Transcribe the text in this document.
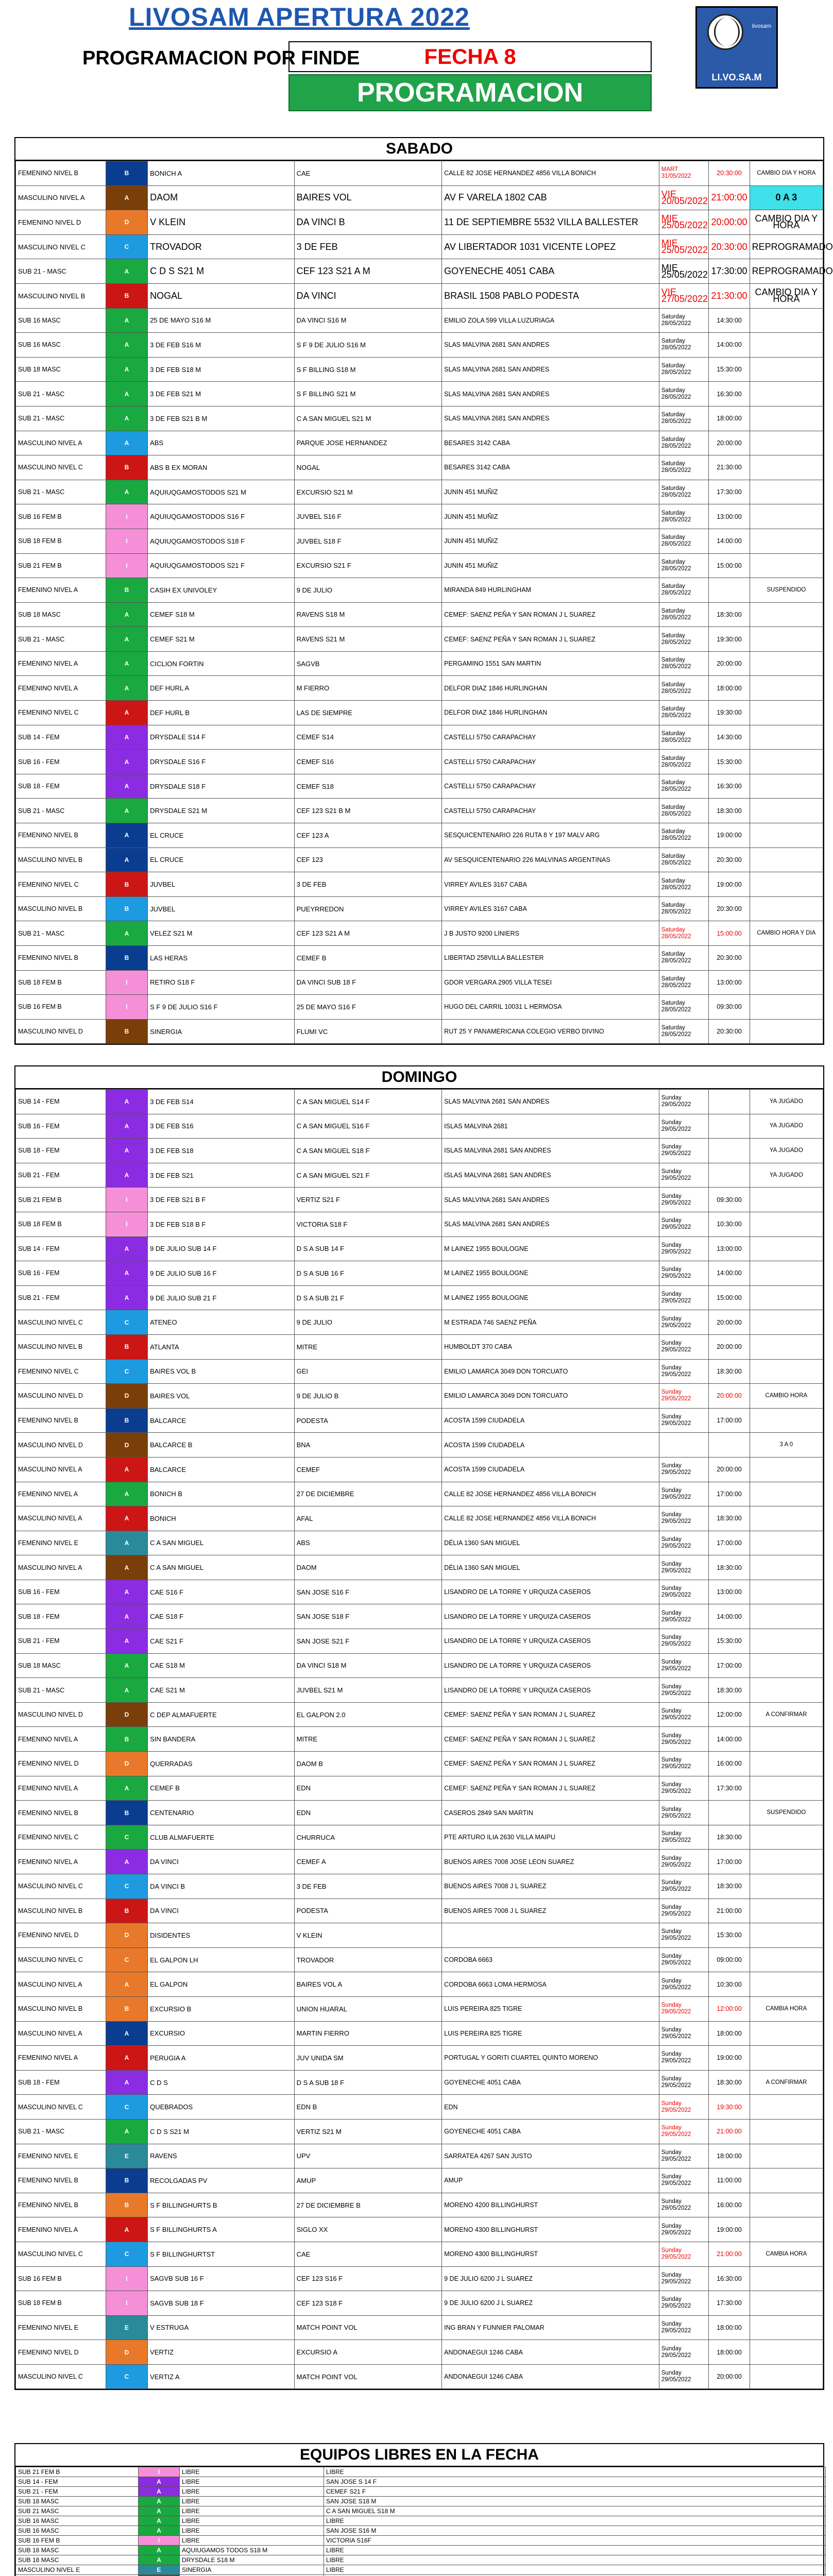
LIVOSAM APERTURA 2022
PROGRAMACION POR FINDE	FECHA 8
PROGRAMACION
livosam
LI.VO.SA.M
SABADO
FEMENINO NIVEL B	B	BONICH A	CAE	CALLE 82 JOSE HERNANDEZ 4856 VILLA BONICH	MART 31/05/2022	20:30:00	CAMBIO DIA Y HORA
MASCULINO NIVEL A	A	DAOM	BAIRES VOL	AV F VARELA 1802 CAB	VIE 20/05/2022	21:00:00	0 A 3
FEMENINO NIVEL D	D	V KLEIN	DA VINCI B	11 DE SEPTIEMBRE 5532 VILLA BALLESTER	MIE 25/05/2022	20:00:00	CAMBIO DIA Y HORA
MASCULINO NIVEL C	C	TROVADOR	3 DE FEB	AV LIBERTADOR 1031 VICENTE LOPEZ	MIE 25/05/2022	20:30:00	REPROGRAMADO
SUB 21 - MASC	A	C D S S21 M	CEF 123 S21 A M	GOYENECHE 4051 CABA	MIE 25/05/2022	17:30:00	REPROGRAMADO
MASCULINO NIVEL B	B	NOGAL	DA VINCI	BRASIL 1508 PABLO PODESTA	VIE 27/05/2022	21:30:00	CAMBIO DIA Y HORA
SUB 16 MASC	A	25 DE MAYO S16 M	DA VINCI S16 M	EMILIO ZOLA 599 VILLA LUZURIAGA	Saturday 28/05/2022	14:30:00	
SUB 16 MASC	A	3 DE FEB S16 M	S F 9 DE JULIO S16 M	SLAS MALVINA 2681 SAN ANDRES	Saturday 28/05/2022	14:00:00	
SUB 18 MASC	A	3 DE FEB S18 M	S F BILLING S18 M	SLAS MALVINA 2681 SAN ANDRES	Saturday 28/05/2022	15:30:00	
SUB 21 - MASC	A	3 DE FEB S21 M	S F BILLING S21 M	SLAS MALVINA 2681 SAN ANDRES	Saturday 28/05/2022	16:30:00	
SUB 21 - MASC	A	3 DE FEB S21 B M	C A SAN MIGUEL S21 M	SLAS MALVINA 2681 SAN ANDRES	Saturday 28/05/2022	18:00:00	
MASCULINO NIVEL A	A	ABS	PARQUE JOSE HERNANDEZ	BESARES 3142 CABA	Saturday 28/05/2022	20:00:00	
MASCULINO NIVEL C	B	ABS B EX MORAN	NOGAL	BESARES 3142 CABA	Saturday 28/05/2022	21:30:00	
SUB 21 - MASC	A	AQUIUQGAMOSTODOS S21 M	EXCURSIO S21 M	JUNIN 451 MUÑIZ	Saturday 28/05/2022	17:30:00	
SUB 16 FEM B	I	AQUIUQGAMOSTODOS S16 F	JUVBEL S16 F	JUNIN 451 MUÑIZ	Saturday 28/05/2022	13:00:00	
SUB 18 FEM B	I	AQUIUQGAMOSTODOS S18 F	JUVBEL S18 F	JUNIN 451 MUÑIZ	Saturday 28/05/2022	14:00:00	
SUB 21 FEM B	I	AQUIUQGAMOSTODOS S21 F	EXCURSIO S21 F	JUNIN 451 MUÑIZ	Saturday 28/05/2022	15:00:00	
FEMENINO NIVEL A	B	CASIH EX UNIVOLEY	9 DE JULIO	MIRANDA 849 HURLINGHAM	Saturday 28/05/2022		SUSPENDIDO
SUB 18 MASC	A	CEMEF S18 M	RAVENS S18 M	CEMEF: SAENZ PEÑA Y SAN ROMAN J L SUAREZ	Saturday 28/05/2022	18:30:00	
SUB 21 - MASC	A	CEMEF S21 M	RAVENS S21 M	CEMEF: SAENZ PEÑA Y SAN ROMAN J L SUAREZ	Saturday 28/05/2022	19:30:00	
FEMENINO NIVEL A	A	CICLION FORTIN	SAGVB	PERGAMINO 1551 SAN MARTIN	Saturday 28/05/2022	20:00:00	
FEMENINO NIVEL A	A	DEF HURL A	M FIERRO	DELFOR DIAZ 1846 HURLINGHAN	Saturday 28/05/2022	18:00:00	
FEMENINO NIVEL C	A	DEF HURL B	LAS DE SIEMPRE	DELFOR DIAZ 1846 HURLINGHAN	Saturday 28/05/2022	19:30:00	
SUB 14 - FEM	A	DRYSDALE S14 F	CEMEF S14	CASTELLI 5750 CARAPACHAY	Saturday 28/05/2022	14:30:00	
SUB 16 - FEM	A	DRYSDALE S16 F	CEMEF S16	CASTELLI 5750 CARAPACHAY	Saturday 28/05/2022	15:30:00	
SUB 18 - FEM	A	DRYSDALE S18 F	CEMEF S18	CASTELLI 5750 CARAPACHAY	Saturday 28/05/2022	16:30:00	
SUB 21 - MASC	A	DRYSDALE S21 M	CEF 123 S21 B M	CASTELLI 5750 CARAPACHAY	Saturday 28/05/2022	18:30:00	
FEMENINO NIVEL B	A	EL CRUCE	CEF 123 A	SESQUICENTENARIO 226 RUTA 8 Y 197 MALV ARG	Saturday 28/05/2022	19:00:00	
MASCULINO NIVEL B	A	EL CRUCE	CEF 123	AV SESQUICENTENARIO 226 MALVINAS ARGENTINAS	Saturday 28/05/2022	20:30:00	
FEMENINO NIVEL C	B	JUVBEL	3 DE FEB	VIRREY AVILES 3167 CABA	Saturday 28/05/2022	19:00:00	
MASCULINO NIVEL B	B	JUVBEL	PUEYRREDON	VIRREY AVILES 3167 CABA	Saturday 28/05/2022	20:30:00	
SUB 21 - MASC	A	VELEZ S21 M	CEF 123 S21 A M	J B JUSTO 9200 LINIERS	Saturday 28/05/2022	15:00:00	CAMBIO HORA Y DIA
FEMENINO NIVEL B	B	LAS HERAS	CEMEF B	LIBERTAD 258VILLA BALLESTER	Saturday 28/05/2022	20:30:00	
SUB 18 FEM B	I	RETIRO S18 F	DA VINCI SUB 18 F	GDOR VERGARA 2905 VILLA TESEI	Saturday 28/05/2022	13:00:00	
SUB 16 FEM B	I	S F 9 DE JULIO S16 F	25 DE MAYO S16 F	HUGO DEL CARRIL 10031 L HERMOSA	Saturday 28/05/2022	09:30:00	
MASCULINO NIVEL D	B	SINERGIA	FLUMI VC	RUT 25 Y PANAMERICANA COLEGIO VERBO DIVINO	Saturday 28/05/2022	20:30:00	
DOMINGO
SUB 14 - FEM	A	3 DE FEB S14	C A SAN MIGUEL S14 F	SLAS MALVINA 2681 SAN ANDRES	Sunday 29/05/2022		YA JUGADO
SUB 16 - FEM	A	3 DE FEB S16	C A SAN MIGUEL S16 F	ISLAS MALVINA 2681	Sunday 29/05/2022		YA JUGADO
SUB 18 - FEM	A	3 DE FEB S18	C A SAN MIGUEL S18 F	ISLAS MALVINA 2681 SAN ANDRES	Sunday 29/05/2022		YA JUGADO
SUB 21 - FEM	A	3 DE FEB S21	C A SAN MIGUEL S21 F	ISLAS MALVINA 2681 SAN ANDRES	Sunday 29/05/2022		YA JUGADO
SUB 21 FEM B	I	3 DE FEB S21 B F	VERTIZ S21 F	SLAS MALVINA 2681 SAN ANDRES	Sunday 29/05/2022	09:30:00	
SUB 18 FEM B	I	3 DE FEB S18 B F	VICTORIA S18 F	SLAS MALVINA 2681 SAN ANDRES	Sunday 29/05/2022	10:30:00	
SUB 14 - FEM	A	9 DE JULIO SUB 14 F	D S A SUB 14 F	M LAINEZ 1955 BOULOGNE	Sunday 29/05/2022	13:00:00	
SUB 16 - FEM	A	9 DE JULIO SUB 16 F	D S A SUB 16 F	M LAINEZ 1955 BOULOGNE	Sunday 29/05/2022	14:00:00	
SUB 21 - FEM	A	9 DE JULIO SUB 21 F	D S A SUB 21 F	M LAINEZ 1955 BOULOGNE	Sunday 29/05/2022	15:00:00	
MASCULINO NIVEL C	C	ATENEO	9 DE JULIO	M ESTRADA 746 SAENZ PEÑA	Sunday 29/05/2022	20:00:00	
MASCULINO NIVEL B	B	ATLANTA	MITRE	HUMBOLDT 370 CABA	Sunday 29/05/2022	20:00:00	
FEMENINO NIVEL C	C	BAIRES VOL B	GEI	EMILIO LAMARCA 3049 DON TORCUATO	Sunday 29/05/2022	18:30:00	
MASCULINO NIVEL D	D	BAIRES VOL	9 DE JULIO B	EMILIO LAMARCA 3049 DON TORCUATO	Sunday 29/05/2022	20:00:00	CAMBIO HORA
FEMENINO NIVEL B	B	BALCARCE	PODESTA	ACOSTA 1599 CIUDADELA	Sunday 29/05/2022	17:00:00	
MASCULINO NIVEL D	D	BALCARCE B	BNA	ACOSTA 1599 CIUDADELA			3 A 0
MASCULINO NIVEL A	A	BALCARCE	CEMEF	ACOSTA 1599 CIUDADELA	Sunday 29/05/2022	20:00:00	
FEMENINO NIVEL A	A	BONICH B	27 DE DICIEMBRE	CALLE 82 JOSE HERNANDEZ 4856 VILLA BONICH	Sunday 29/05/2022	17:00:00	
MASCULINO NIVEL A	A	BONICH	AFAL	CALLE 82 JOSE HERNANDEZ 4856 VILLA BONICH	Sunday 29/05/2022	18:30:00	
FEMENINO NIVEL E	A	C A SAN MIGUEL	ABS	DÉLIA 1360 SAN MIGUEL	Sunday 29/05/2022	17:00:00	
MASCULINO NIVEL A	A	C A SAN MIGUEL	DAOM	DÉLIA 1360 SAN MIGUEL	Sunday 29/05/2022	18:30:00	
SUB 16 - FEM	A	CAE S16 F	SAN JOSE S16 F	LISANDRO DE LA TORRE Y URQUIZA CASEROS	Sunday 29/05/2022	13:00:00	
SUB 18 - FEM	A	CAE S18 F	SAN JOSE S18 F	LISANDRO DE LA TORRE Y URQUIZA CASEROS	Sunday 29/05/2022	14:00:00	
SUB 21 - FEM	A	CAE S21 F	SAN JOSE S21 F	LISANDRO DE LA TORRE Y URQUIZA CASEROS	Sunday 29/05/2022	15:30:00	
SUB 18 MASC	A	CAE S18 M	DA VINCI S18 M	LISANDRO DE LA TORRE Y URQUIZA CASEROS	Sunday 29/05/2022	17:00:00	
SUB 21 - MASC	A	CAE S21 M	JUVBEL S21 M	LISANDRO DE LA TORRE Y URQUIZA CASEROS	Sunday 29/05/2022	18:30:00	
MASCULINO NIVEL D	D	C DEP ALMAFUERTE	EL GALPON 2.0	CEMEF: SAENZ PEÑA Y SAN ROMAN J L SUAREZ	Sunday 29/05/2022	12:00:00	A CONFIRMAR
FEMENINO NIVEL A	B	SIN BANDERA	MITRE	CEMEF: SAENZ PEÑA Y SAN ROMAN J L SUAREZ	Sunday 29/05/2022	14:00:00	
FEMENINO NIVEL D	D	QUERRADAS	DAOM B	CEMEF: SAENZ PEÑA Y SAN ROMAN J L SUAREZ	Sunday 29/05/2022	16:00:00	
FEMENINO NIVEL A	A	CEMEF B	EDN	CEMEF: SAENZ PEÑA Y SAN ROMAN J L SUAREZ	Sunday 29/05/2022	17:30:00	
FEMENINO NIVEL B	B	CENTENARIO	EDN	CASEROS 2849 SAN MARTIN	Sunday 29/05/2022		SUSPENDIDO
FEMENINO NIVEL C	C	CLUB ALMAFUERTE	CHURRUCA	PTE ARTURO ILIA 2630 VILLA MAIPU	Sunday 29/05/2022	18:30:00	
FEMENINO NIVEL A	A	DA VINCI	CEMEF A	BUENOS AIRES 7008 JOSE LEON SUAREZ	Sunday 29/05/2022	17:00:00	
MASCULINO NIVEL C	C	DA VINCI B	3 DE FEB	BUENOS AIRES 7008 J L SUAREZ	Sunday 29/05/2022	18:30:00	
MASCULINO NIVEL B	B	DA VINCI	PODESTA	BUENOS AIRES 7008 J L SUAREZ	Sunday 29/05/2022	21:00:00	
FEMENINO NIVEL D	D	DISIDENTES	V KLEIN		Sunday 29/05/2022	15:30:00	
MASCULINO NIVEL C	C	EL GALPON LH	TROVADOR	CORDOBA 6663	Sunday 29/05/2022	09:00:00	
MASCULINO NIVEL A	A	EL GALPON	BAIRES VOL A	CORDOBA 6663 LOMA HERMOSA	Sunday 29/05/2022	10:30:00	
MASCULINO NIVEL B	B	EXCURSIO B	UNION HUARAL	LUIS PEREIRA 825 TIGRE	Sunday 29/05/2022	12:00:00	CAMBIA HORA
MASCULINO NIVEL A	A	EXCURSIO	MARTIN FIERRO	LUIS PEREIRA 825 TIGRE	Sunday 29/05/2022	18:00:00	
FEMENINO NIVEL A	A	PERUGIA A	JUV UNIDA SM	PORTUGAL Y GORITI CUARTEL QUINTO MORENO	Sunday 29/05/2022	19:00:00	
SUB 18 - FEM	A	C D S	D S A SUB 18 F	GOYENECHE 4051 CABA	Sunday 29/05/2022	18:30:00	A CONFIRMAR
MASCULINO NIVEL C	C	QUEBRADOS	EDN B	EDN	Sunday 29/05/2022	19:30:00	
SUB 21 - MASC	A	C D S S21 M	VERTIZ S21 M	GOYENECHE 4051 CABA	Sunday 29/05/2022	21:00:00	
FEMENINO NIVEL E	E	RAVENS	UPV	SARRATEA 4267 SAN JUSTO	Sunday 29/05/2022	18:00:00	
FEMENINO NIVEL B	B	RECOLGADAS PV	AMUP	AMUP	Sunday 29/05/2022	11:00:00	
FEMENINO NIVEL B	B	S F BILLINGHURTS B	27 DE DICIEMBRE B	MORENO 4200 BILLINGHURST	Sunday 29/05/2022	16:00:00	
FEMENINO NIVEL A	A	S F BILLINGHURTS A	SIGLO XX	MORENO 4300 BILLINGHURST	Sunday 29/05/2022	19:00:00	
MASCULINO NIVEL C	C	S F BILLINGHURTST	CAE	MORENO 4300 BILLINGHURST	Sunday 29/05/2022	21:00:00	CAMBIA HORA
SUB 16 FEM B	I	SAGVB SUB 16 F	CEF 123 S16 F	9 DE JULIO 6200 J L SUAREZ	Sunday 29/05/2022	16:30:00	
SUB 18 FEM B	I	SAGVB SUB 18 F	CEF 123 S18 F	9 DE JULIO 6200 J L SUAREZ	Sunday 29/05/2022	17:30:00	
FEMENINO NIVEL E	E	V ESTRUGA	MATCH POINT VOL	ING BRAN Y FUNNIER PALOMAR	Sunday 29/05/2022	18:00:00	
FEMENINO NIVEL D	D	VERTIZ	EXCURSIO A	ANDONAEGUI 1246 CABA	Sunday 29/05/2022	18:00:00	
MASCULINO NIVEL C	C	VERTIZ A	MATCH POINT VOL	ANDONAEGUI 1246 CABA	Sunday 29/05/2022	20:00:00	
EQUIPOS LIBRES EN LA FECHA
SUB 21 FEM B	I	LIBRE	LIBRE
SUB 14 - FEM	A	LIBRE	SAN JOSE S 14 F
SUB 21 - FEM	A	LIBRE	CEMEF S21 F
SUB 18 MASC	A	LIBRE	SAN JOSE S18 M
SUB 21 MASC	A	LIBRE	C A SAN MIGUEL S18 M
SUB 16 MASC	A	LIBRE	LIBRE
SUB 16 MASC	A	LIBRE	SAN JOSE S16 M
SUB 16 FEM B	I	LIBRE	VICTORIA S16F
SUB 18 MASC	A	AQUIUGAMOS TODOS S18 M	LIBRE
SUB 18 MASC	A	DRYSDALE S18 M	LIBRE
MASCULINO NIVEL E	E	SINERGIA	LIBRE
